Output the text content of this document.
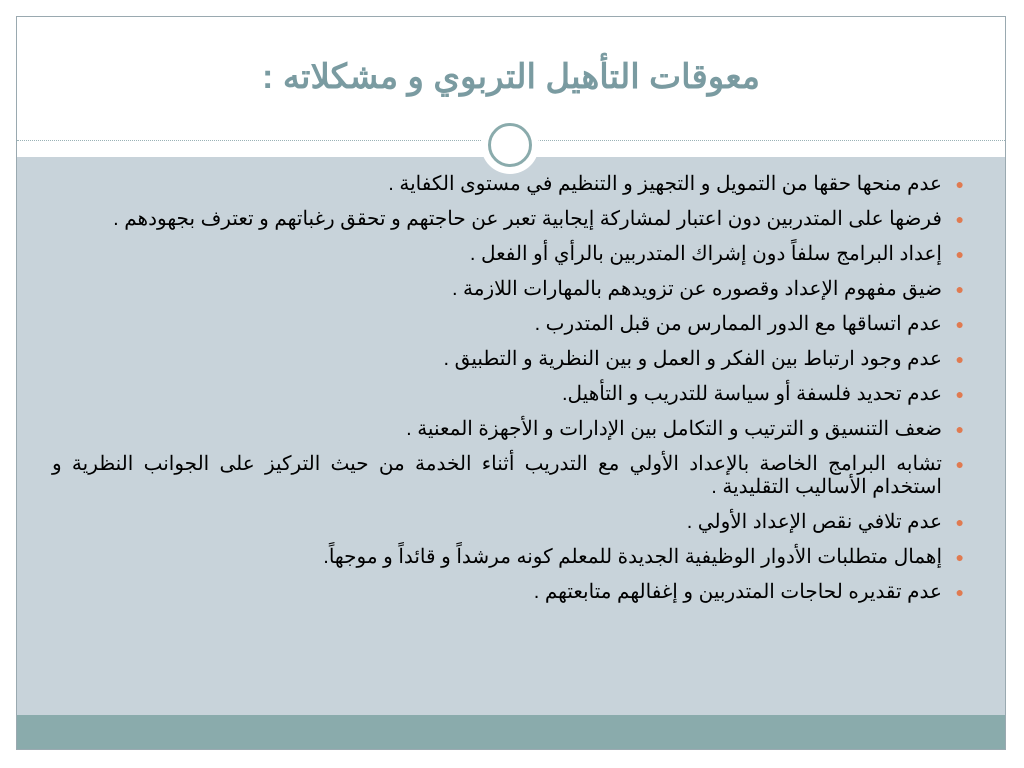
معوقات التأهيل التربوي و مشكلاته :
●
عدم منحها حقها من التمويل و التجهيز و التنظيم في مستوى الكفاية .
●
فرضها على المتدربين دون اعتبار لمشاركة إيجابية تعبر عن حاجتهم و تحقق رغباتهم و تعترف بجهودهم .
●
إعداد البرامج سلفاً دون إشراك المتدربين بالرأي أو الفعل .
●
ضيق مفهوم الإعداد وقصوره عن تزويدهم بالمهارات اللازمة .
●
عدم اتساقها مع الدور الممارس من قبل المتدرب .
●
عدم وجود ارتباط بين الفكر و العمل و بين النظرية و التطبيق .
●
عدم تحديد فلسفة أو سياسة للتدريب و التأهيل.
●
ضعف التنسيق و الترتيب و التكامل بين الإدارات و الأجهزة المعنية .
●
تشابه البرامج الخاصة بالإعداد الأولي مع التدريب أثناء الخدمة من حيث التركيز على الجوانب النظرية و استخدام الأساليب التقليدية .
●
عدم تلافي نقص الإعداد الأولي .
●
إهمال متطلبات الأدوار الوظيفية الجديدة للمعلم كونه مرشداً و قائداً و موجهاً.
●
عدم تقديره لحاجات المتدربين و إغفالهم متابعتهم .
